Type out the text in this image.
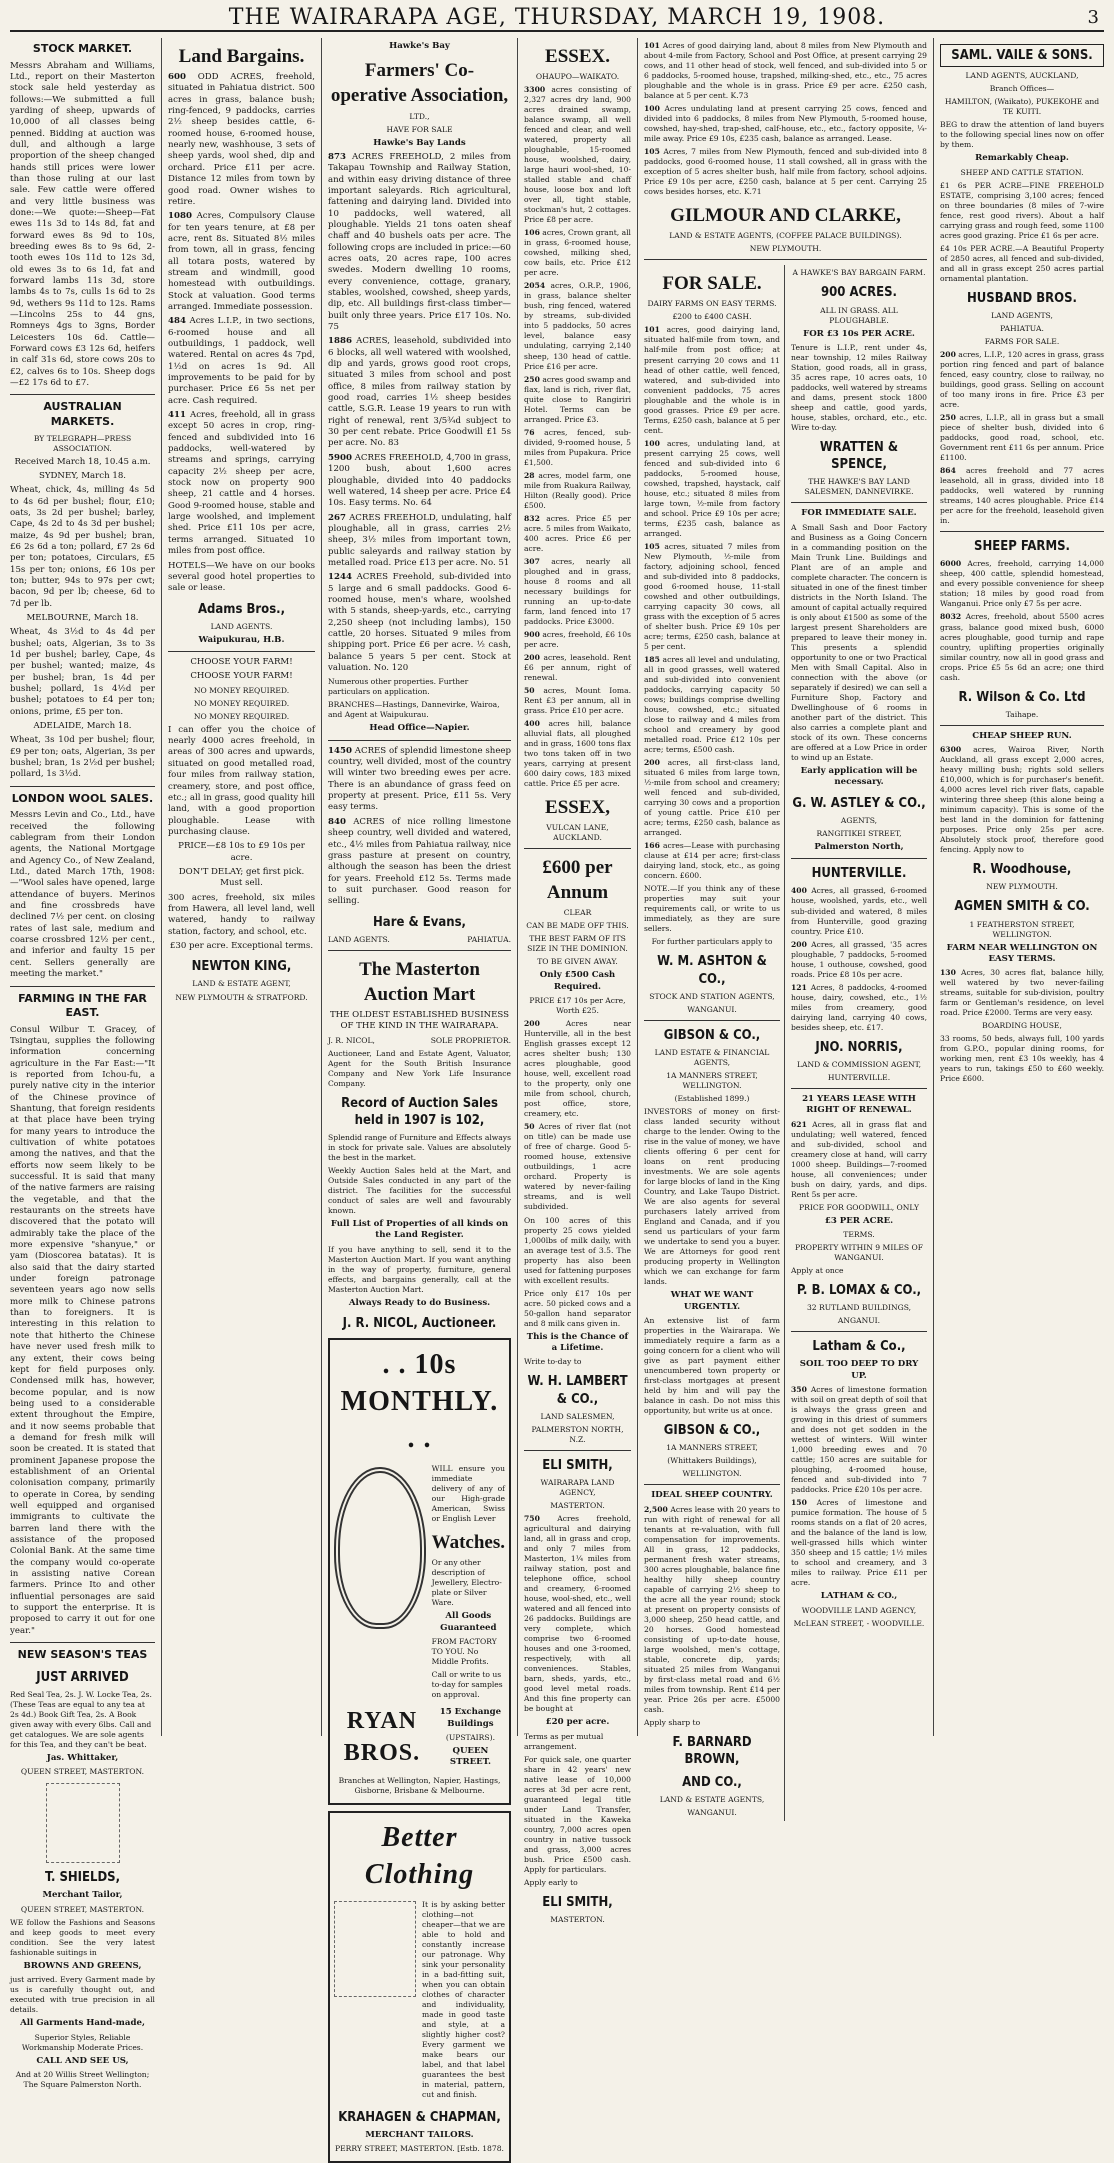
THE WAIRARAPA AGE, THURSDAY, MARCH 19, 1908.	3
STOCK MARKET.

Messrs Abraham and Williams, Ltd., report on their Masterton stock sale held yesterday as follows:—We submitted a full yarding of sheep, upwards of 10,000 of all classes being penned. Bidding at auction was dull, and although a large proportion of the sheep changed hands still prices were lower than those ruling at our last sale. Few cattle were offered and very little business was done:—We quote:—Sheep—Fat ewes 11s 3d to 14s 8d, fat and forward ewes 8s 9d to 10s, breeding ewes 8s to 9s 6d, 2-tooth ewes 10s 11d to 12s 3d, old ewes 3s to 6s 1d, fat and forward lambs 11s 3d, store lambs 4s to 7s, culls 1s 6d to 2s 9d, wethers 9s 11d to 12s. Rams—Lincolns 25s to 44 gns, Romneys 4gs to 3gns, Border Leicesters 10s 6d. Cattle—Forward cows £3 12s 6d, heifers in calf 31s 6d, store cows 20s to £2, calves 6s to 10s. Sheep dogs—£2 17s 6d to £7.

AUSTRALIAN MARKETS.

BY TELEGRAPH—PRESS ASSOCIATION.

Received March 18, 10.45 a.m.

SYDNEY, March 18.

Wheat, chick, 4s, milling 4s 5d to 4s 6d per bushel; flour, £10; oats, 3s 2d per bushel; barley, Cape, 4s 2d to 4s 3d per bushel; maize, 4s 9d per bushel; bran, £6 2s 6d a ton; pollard, £7 2s 6d per ton; potatoes, Circulars, £5 15s per ton; onions, £6 10s per ton; butter, 94s to 97s per cwt; bacon, 9d per lb; cheese, 6d to 7d per lb.

MELBOURNE, March 18.

Wheat, 4s 3½d to 4s 4d per bushel; oats, Algerian, 3s to 3s 1d per bushel; barley, Cape, 4s per bushel; wanted; maize, 4s per bushel; bran, 1s 4d per bushel; pollard, 1s 4½d per bushel; potatoes to £4 per ton; onions, prime, £5 per ton.

ADELAIDE, March 18.

Wheat, 3s 10d per bushel; flour, £9 per ton; oats, Algerian, 3s per bushel; bran, 1s 2½d per bushel; pollard, 1s 3½d.

LONDON WOOL SALES.

Messrs Levin and Co., Ltd., have received the following cablegram from their London agents, the National Mortgage and Agency Co., of New Zealand, Ltd., dated March 17th, 1908:—"Wool sales have opened, large attendance of buyers. Merinos and fine crossbreds have declined 7½ per cent. on closing rates of last sale, medium and coarse crossbred 12½ per cent., and inferior and faulty 15 per cent. Sellers generally are meeting the market."

FARMING IN THE FAR EAST.

Consul Wilbur T. Gracey, of Tsingtau, supplies the following information concerning agriculture in the Far East:—"It is reported from Ichou-fu, a purely native city in the interior of the Chinese province of Shantung, that foreign residents at that place have been trying for many years to introduce the cultivation of white potatoes among the natives, and that the efforts now seem likely to be successful. It is said that many of the native farmers are raising the vegetable, and that the restaurants on the streets have discovered that the potato will admirably take the place of the more expensive "shanyue," or yam (Dioscorea batatas). It is also said that the dairy started under foreign patronage seventeen years ago now sells more milk to Chinese patrons than to foreigners. It is interesting in this relation to note that hitherto the Chinese have never used fresh milk to any extent, their cows being kept for field purposes only. Condensed milk has, however, become popular, and is now being used to a considerable extent throughout the Empire, and it now seems probable that a demand for fresh milk will soon be created. It is stated that prominent Japanese propose the establishment of an Oriental colonisation company, primarily to operate in Corea, by sending well equipped and organised immigrants to cultivate the barren land there with the assistance of the proposed Colonial Bank. At the same time the company would co-operate in assisting native Corean farmers. Prince Ito and other influential personages are said to support the enterprise. It is proposed to carry it out for one year."

NEW SEASON'S TEAS

JUST ARRIVED

Red Seal Tea, 2s. J. W. Locke Tea, 2s. (These Teas are equal to any tea at 2s 4d.) Book Gift Tea, 2s. A Book given away with every 6lbs. Call and get catalogues. We are sole agents for this Tea, and they can't be beat.

Jas. Whittaker,

QUEEN STREET, MASTERTON.

T. SHIELDS,

Merchant Tailor,

QUEEN STREET, MASTERTON.

WE follow the Fashions and Seasons and keep goods to meet every condition. See the very latest fashionable suitings in

BROWNS AND GREENS,

just arrived. Every Garment made by us is carefully thought out, and executed with true precision in all details.

All Garments Hand-made,

Superior Styles, Reliable Workmanship Moderate Prices.

CALL AND SEE US,

And at 20 Willis Street Wellington; The Square Palmerston North.

Land Bargains.

600 ODD ACRES, freehold, situated in Pahiatua district. 500 acres in grass, balance bush; ring-fenced, 9 paddocks, carries 2½ sheep besides cattle, 6-roomed house, 6-roomed house, nearly new, washhouse, 3 sets of sheep yards, wool shed, dip and orchard. Price £11 per acre. Distance 12 miles from town by good road. Owner wishes to retire.

1080 Acres, Compulsory Clause for ten years tenure, at £8 per acre, rent 8s. Situated 8½ miles from town, all in grass, fencing all totara posts, watered by stream and windmill, good homestead with outbuildings. Stock at valuation. Good terms arranged. Immediate possession.

484 Acres L.I.P., in two sections, 6-roomed house and all outbuildings, 1 paddock, well watered. Rental on acres 4s 7pd, 1½d on acres 1s 9d. All improvements to be paid for by purchaser. Price £6 5s net per acre. Cash required.

411 Acres, freehold, all in grass except 50 acres in crop, ring-fenced and subdivided into 16 paddocks, well-watered by streams and springs, carrying capacity 2½ sheep per acre, stock now on property 900 sheep, 21 cattle and 4 horses. Good 9-roomed house, stable and large woolshed, and implement shed. Price £11 10s per acre, terms arranged. Situated 10 miles from post office.

HOTELS—We have on our books several good hotel properties to sale or lease.

Adams Bros.,

LAND AGENTS.

Waipukurau, H.B.

CHOOSE YOUR FARM!

CHOOSE YOUR FARM!

NO MONEY REQUIRED.

NO MONEY REQUIRED.

NO MONEY REQUIRED.

I can offer you the choice of nearly 4000 acres freehold, in areas of 300 acres and upwards, situated on good metalled road, four miles from railway station, creamery, store, and post office, etc.; all in grass, good quality hill land, with a good proportion ploughable. Lease with purchasing clause.

PRICE—£8 10s to £9 10s per acre.

DON'T DELAY; get first pick. Must sell.

300 acres, freehold, six miles from Hawera, all level land, well watered, handy to railway station, factory, and school, etc.

£30 per acre. Exceptional terms.

NEWTON KING,

LAND & ESTATE AGENT,

NEW PLYMOUTH & STRATFORD.

Hawke's Bay

Farmers' Co-operative Association,

LTD.,

HAVE FOR SALE

Hawke's Bay Lands

873 ACRES FREEHOLD, 2 miles from Takapau Township and Railway Station, and within easy driving distance of three important saleyards. Rich agricultural, fattening and dairying land. Divided into 10 paddocks, well watered, all ploughable. Yields 21 tons oaten sheaf chaff and 40 bushels oats per acre. The following crops are included in price:—60 acres oats, 20 acres rape, 100 acres swedes. Modern dwelling 10 rooms, every convenience, cottage, granary, stables, woolshed, cowshed, sheep yards, dip, etc. All buildings first-class timber—built only three years. Price £17 10s. No. 75

1886 ACRES, leasehold, subdivided into 6 blocks, all well watered with woolshed, dip and yards, grows good root crops, situated 3 miles from school and post office, 8 miles from railway station by good road, carries 1½ sheep besides cattle, S.G.R. Lease 19 years to run with right of renewal, rent 3/5¾d subject to 30 per cent rebate. Price Goodwill £1 5s per acre. No. 83

5900 ACRES FREEHOLD, 4,700 in grass, 1200 bush, about 1,600 acres ploughable, divided into 40 paddocks well watered, 14 sheep per acre. Price £4 10s. Easy terms. No. 64

267 ACRES FREEHOLD, undulating, half ploughable, all in grass, carries 2½ sheep, 3½ miles from important town, public saleyards and railway station by metalled road. Price £13 per acre. No. 51

1244 ACRES Freehold, sub-divided into 5 large and 6 small paddocks. Good 6-roomed house, men's whare, woolshed with 5 stands, sheep-yards, etc., carrying 2,250 sheep (not including lambs), 150 cattle, 20 horses. Situated 9 miles from shipping port. Price £6 per acre. ½ cash, balance 5 years 5 per cent. Stock at valuation. No. 120

Numerous other properties. Further particulars on application.

BRANCHES—Hastings, Dannevirke, Wairoa, and Agent at Waipukurau.

Head Office—Napier.

1450 ACRES of splendid limestone sheep country, well divided, most of the country will winter two breeding ewes per acre. There is an abundance of grass feed on property at present. Price, £11 5s. Very easy terms.

840 ACRES of nice rolling limestone sheep country, well divided and watered, etc., 4½ miles from Pahiatua railway, nice grass pasture at present on country, although the season has been the driest for years. Freehold £12 5s. Terms made to suit purchaser. Good reason for selling.

Hare & Evans,

LAND AGENTS.	PAHIATUA.

The Masterton Auction Mart

THE OLDEST ESTABLISHED BUSINESS OF THE KIND IN THE WAIRARAPA.

J. R. NICOL,	SOLE PROPRIETOR.

Auctioneer, Land and Estate Agent, Valuator, Agent for the South British Insurance Company and New York Life Insurance Company.

Record of Auction Sales held in 1907 is 102,

Splendid range of Furniture and Effects always in stock for private sale. Values are absolutely the best in the market.

Weekly Auction Sales held at the Mart, and Outside Sales conducted in any part of the district. The facilities for the successful conduct of sales are well and favourably known.

Full List of Properties of all kinds on the Land Register.

If you have anything to sell, send it to the Masterton Auction Mart. If you want anything in the way of property, furniture, general effects, and bargains generally, call at the Masterton Auction Mart.

Always Ready to do Business.

J. R. NICOL, Auctioneer.

. . 10s MONTHLY. . .

WILL ensure you immediate delivery of any of our High-grade American, Swiss or English Lever

Watches.

Or any other description of Jewellery, Electro-plate or Silver Ware.

All Goods Guaranteed

FROM FACTORY TO YOU. No Middle Profits.

Call or write to us to-day for samples on approval.

RYAN BROS.

15 Exchange Buildings

(UPSTAIRS).

QUEEN STREET.

Branches at Wellington, Napier, Hastings, Gisborne, Brisbane & Melbourne.

Better Clothing

It is by asking better clothing—not cheaper—that we are able to hold and constantly increase our patronage. Why sink your personality in a bad-fitting suit, when you can obtain clothes of character and individuality, made in good taste and style, at a slightly higher cost? Every garment we make bears our label, and that label guarantees the best in material, pattern, cut and finish.

KRAHAGEN & CHAPMAN,

MERCHANT TAILORS.

PERRY STREET, MASTERTON. [Estb. 1878.

ESSEX.

OHAUPO—WAIKATO.

3300 acres consisting of 2,327 acres dry land, 900 acres drained swamp, balance swamp, all well fenced and clear, and well watered, property all ploughable, 15-roomed house, woolshed, dairy, large hauri wool-shed, 10-stalled stable and chaff house, loose box and loft over all, tight stable, stockman's hut, 2 cottages. Price £8 per acre.

106 acres, Crown grant, all in grass, 6-roomed house, cowshed, milking shed, cow bails, etc. Price £12 per acre.

2054 acres, O.R.P., 1906, in grass, balance shelter bush, ring fenced, watered by streams, sub-divided into 5 paddocks, 50 acres level, balance easy undulating, carrying 2,140 sheep, 130 head of cattle. Price £16 per acre.

250 acres good swamp and flax, land is rich, river flat, quite close to Rangiriri Hotel. Terms can be arranged. Price £3.

76 acres, fenced, sub-divided, 9-roomed house, 5 miles from Pupakura. Price £1,500.

28 acres, model farm, one mile from Ruakura Railway, Hilton (Really good). Price £500.

832 acres. Price £5 per acre. 5 miles from Waikato, 400 acres. Price £6 per acre.

307 acres, nearly all ploughed and in grass, house 8 rooms and all necessary buildings for running an up-to-date farm, land fenced into 17 paddocks. Price £3000.

900 acres, freehold, £6 10s per acre.

200 acres, leasehold. Rent £6 per annum, right of renewal.

50 acres, Mount Ioma. Rent £3 per annum, all in grass. Price £10 per acre.

400 acres hill, balance alluvial flats, all ploughed and in grass, 1600 tons flax two tons taken off in two years, carrying at present 600 dairy cows, 183 mixed cattle. Price £5 per acre.

ESSEX,

VULCAN LANE, AUCKLAND.

£600 per Annum

CLEAR

CAN BE MADE OFF THIS.

THE BEST FARM OF ITS SIZE IN THE DOMINION.

TO BE GIVEN AWAY.

Only £500 Cash Required.

PRICE £17 10s per Acre, Worth £25.

200	Acres near Hunterville, all in the best English grasses except 12 acres shelter bush; 130 acres ploughable, good house, well, excellent road to the property, only one mile from school, church, post office, store, creamery, etc.

50 Acres of river flat (not on title) can be made use of free of charge. Good 5-roomed house, extensive outbuildings, 1 acre orchard. Property is watered by never-failing streams, and is well subdivided.

On 100 acres of this property 25 cows yielded 1,000lbs of milk daily, with an average test of 3.5. The property has also been used for fattening purposes with excellent results.

Price only £17 10s per acre. 50 picked cows and a 50-gallon hand separator and 8 milk cans given in.

This is the Chance of a Lifetime.

Write to-day to

W. H. LAMBERT & CO.,

LAND SALESMEN,

PALMERSTON NORTH, N.Z.

ELI SMITH,

WAIRARAPA LAND AGENCY,

MASTERTON.

750 Acres freehold, agricultural and dairying land, all in grass and crop, and only 7 miles from Masterton, 1¼ miles from railway station, post and telephone office, school and creamery, 6-roomed house, wool-shed, etc., well watered and all fenced into 26 paddocks. Buildings are very complete, which comprise two 6-roomed houses and one 3-roomed, respectively, with all conveniences. Stables, barn, sheds, yards, etc., good level metal roads. And this fine property can be bought at

£20 per acre.

Terms as per mutual arrangement.

For quick sale, one quarter share in 42 years' new native lease of 10,000 acres at 3d per acre rent, guaranteed legal title under Land Transfer, situated in the Kaweka country, 7,000 acres open country in native tussock and grass, 3,000 acres bush. Price £500 cash. Apply for particulars.

Apply early to

ELI SMITH,

MASTERTON.

101 Acres of good dairying land, about 8 miles from New Plymouth and about 4-mile from Factory, School and Post Office, at present carrying 29 cows, and 11 other head of stock, well fenced, and sub-divided into 5 or 6 paddocks, 5-roomed house, trapshed, milking-shed, etc., etc., 75 acres ploughable and the whole is in grass. Price £9 per acre. £250 cash, balance at 5 per cent. K.73

100 Acres undulating land at present carrying 25 cows, fenced and divided into 6 paddocks, 8 miles from New Plymouth, 5-roomed house, cowshed, hay-shed, trap-shed, calf-house, etc., etc., factory opposite, ¼-mile away. Price £9 10s, £235 cash, balance as arranged. Lease.

105 Acres, 7 miles from New Plymouth, fenced and sub-divided into 8 paddocks, good 6-roomed house, 11 stall cowshed, all in grass with the exception of 5 acres shelter bush, half mile from factory, school adjoins. Price £9 10s per acre, £250 cash, balance at 5 per cent. Carrying 25 cows besides horses, etc. K.71

GILMOUR AND CLARKE,

LAND & ESTATE AGENTS, (COFFEE PALACE BUILDINGS).

NEW PLYMOUTH.

FOR SALE.

DAIRY FARMS ON EASY TERMS.

£200 to £400 CASH.

101 acres, good dairying land, situated half-mile from town, and half-mile from post office; at present carrying 20 cows and 11 head of other cattle, well fenced, watered, and sub-divided into convenient paddocks, 75 acres ploughable and the whole is in good grasses. Price £9 per acre. Terms, £250 cash, balance at 5 per cent.

100 acres, undulating land, at present carrying 25 cows, well fenced and sub-divided into 6 paddocks, 5-roomed house, cowshed, trapshed, haystack, calf house, etc.; situated 8 miles from large town, ½-mile from factory and school. Price £9 10s per acre; terms, £235 cash, balance as arranged.

105 acres, situated 7 miles from New Plymouth, ½-mile from factory, adjoining school, fenced and sub-divided into 8 paddocks, good 6-roomed house, 11-stall cowshed and other outbuildings, carrying capacity 30 cows, all grass with the exception of 5 acres of shelter bush. Price £9 10s per acre; terms, £250 cash, balance at 5 per cent.

185 acres all level and undulating, all in good grasses, well watered and sub-divided into convenient paddocks, carrying capacity 50 cows; buildings comprise dwelling house, cowshed, etc.; situated close to railway and 4 miles from school and creamery by good metalled road. Price £12 10s per acre; terms, £500 cash.

200 acres, all first-class land, situated 6 miles from large town, ½-mile from school and creamery; well fenced and sub-divided, carrying 30 cows and a proportion of young cattle. Price £10 per acre; terms, £250 cash, balance as arranged.

166 acres—Lease with purchasing clause at £14 per acre; first-class dairying land, stock, etc., as going concern. £600.

NOTE.—If you think any of these properties may suit your requirements call, or write to us immediately, as they are sure sellers.

For further particulars apply to

W. M. ASHTON & CO.,

STOCK AND STATION AGENTS,

WANGANUI.

GIBSON & CO.,

LAND ESTATE & FINANCIAL AGENTS,

1A MANNERS STREET, WELLINGTON.

(Established 1899.)

INVESTORS of money on first-class landed security without charge to the lender. Owing to the rise in the value of money, we have clients offering 6 per cent for loans on rent producing investments. We are sole agents for large blocks of land in the King Country, and Lake Taupo District. We are also agents for several purchasers lately arrived from England and Canada, and if you send us particulars of your farm we undertake to send you a buyer. We are Attorneys for good rent producing property in Wellington which we can exchange for farm lands.

WHAT WE WANT URGENTLY.

An extensive list of farm properties in the Wairarapa. We immediately require a farm as a going concern for a client who will give as part payment either unencumbered town property or first-class mortgages at present held by him and will pay the balance in cash. Do not miss this opportunity, but write us at once.

GIBSON & CO.,

1A MANNERS STREET,

(Whittakers Buildings),

WELLINGTON.

IDEAL SHEEP COUNTRY.

2,500 Acres lease with 20 years to run with right of renewal for all tenants at re-valuation, with full compensation for improvements. All in grass, 12 paddocks, permanent fresh water streams, 300 acres ploughable, balance fine healthy hilly sheep country capable of carrying 2½ sheep to the acre all the year round; stock at present on property consists of 3,000 sheep, 250 head cattle, and 20 horses. Good homestead consisting of up-to-date house, large woolshed, men's cottage, stable, concrete dip, yards; situated 25 miles from Wanganui by first-class metal road and 6½ miles from township. Rent £14 per year. Price 26s per acre. £5000 cash.

Apply sharp to

F. BARNARD BROWN,

AND CO.,

LAND & ESTATE AGENTS,

WANGANUI.

A HAWKE'S BAY BARGAIN FARM.

900 ACRES.

ALL IN GRASS. ALL PLOUGHABLE.

FOR £3 10s PER ACRE.

Tenure is L.I.P., rent under 4s, near township, 12 miles Railway Station, good roads, all in grass, 35 acres rape, 10 acres oats, 10 paddocks, well watered by streams and dams, present stock 1800 sheep and cattle, good yards, house, stables, orchard, etc., etc. Wire to-day.

WRATTEN & SPENCE,

THE HAWKE'S BAY LAND SALESMEN, DANNEVIRKE.

FOR IMMEDIATE SALE.

A Small Sash and Door Factory and Business as a Going Concern in a commanding position on the Main Trunk Line. Buildings and Plant are of an ample and complete character. The concern is situated in one of the finest timber districts in the North Island. The amount of capital actually required is only about £1500 as some of the largest present Shareholders are prepared to leave their money in. This presents a splendid opportunity to one or two Practical Men with Small Capital. Also in connection with the above (or separately if desired) we can sell a Furniture Shop, Factory and Dwellinghouse of 6 rooms in another part of the district. This also carries a complete plant and stock of its own. These concerns are offered at a Low Price in order to wind up an Estate.

Early application will be necessary.

G. W. ASTLEY & CO.,

AGENTS,

RANGITIKEI STREET,

Palmerston North,

HUNTERVILLE.

400 Acres, all grassed, 6-roomed house, woolshed, yards, etc., well sub-divided and watered, 8 miles from Hunterville, good grazing country. Price £10.

200 Acres, all grassed, '35 acres ploughable, 7 paddocks, 5-roomed house, 1 outhouse, cowshed, good roads. Price £8 10s per acre.

121 Acres, 8 paddocks, 4-roomed house, dairy, cowshed, etc., 1½ miles from creamery, good dairying land, carrying 40 cows, besides sheep, etc. £17.

JNO. NORRIS,

LAND & COMMISSION AGENT,

HUNTERVILLE.

21 YEARS LEASE WITH RIGHT OF RENEWAL.

621 Acres, all in grass flat and undulating; well watered, fenced and sub-divided, school and creamery close at hand, will carry 1000 sheep. Buildings—7-roomed house, all conveniences; under bush on dairy, yards, and dips. Rent 5s per acre.

PRICE FOR GOODWILL, ONLY

£3 PER ACRE.

TERMS.

PROPERTY WITHIN 9 MILES OF WANGANUI.

Apply at once

P. B. LOMAX & CO.,

32 RUTLAND BUILDINGS,

ANGANUI.

Latham & Co.,

SOIL TOO DEEP TO DRY UP.

350 Acres of limestone formation with soil on great depth of soil that is always the grass green and growing in this driest of summers and does not get sodden in the wettest of winters. Will winter 1,000 breeding ewes and 70 cattle; 150 acres are suitable for ploughing, 4-roomed house, fenced and sub-divided into 7 paddocks. Price £20 10s per acre.

150 Acres of limestone and pumice formation. The house of 5 rooms stands on a flat of 20 acres, and the balance of the land is low, well-grassed hills which winter 350 sheep and 15 cattle; 1½ miles to school and creamery, and 3 miles to railway. Price £11 per acre.

LATHAM & CO.,

WOODVILLE LAND AGENCY,

McLEAN STREET, - WOODVILLE.

SAML. VAILE & SONS.

LAND AGENTS, AUCKLAND,

Branch Offices—

HAMILTON, (Waikato), PUKEKOHE and TE KUITI.

BEG to draw the attention of land buyers to the following special lines now on offer by them.

Remarkably Cheap.

SHEEP AND CATTLE STATION.

£1 6s PER ACRE—FINE FREEHOLD ESTATE, comprising 3,100 acres; fenced on three boundaries (8 miles of 7-wire fence, rest good rivers). About a half carrying grass and rough feed, some 1100 acres good grazing. Price £1 6s per acre.

£4 10s PER ACRE.—A Beautiful Property of 2850 acres, all fenced and sub-divided, and all in grass except 250 acres partial ornamental plantation.

HUSBAND BROS.

LAND AGENTS,

PAHIATUA.

FARMS FOR SALE.

200 acres, L.I.P., 120 acres in grass, grass portion ring fenced and part of balance fenced, easy country, close to railway, no buildings, good grass. Selling on account of too many irons in fire. Price £3 per acre.

250 acres, L.I.P., all in grass but a small piece of shelter bush, divided into 6 paddocks, good road, school, etc. Government rent £11 6s per annum. Price £1100.

864 acres freehold and 77 acres leasehold, all in grass, divided into 18 paddocks, well watered by running streams, 140 acres ploughable. Price £14 per acre for the freehold, leasehold given in.

SHEEP FARMS.

6000 Acres, freehold, carrying 14,000 sheep, 400 cattle, splendid homestead, and every possible convenience for sheep station; 18 miles by good road from Wanganui. Price only £7 5s per acre.

8032 Acres, freehold, about 5500 acres grass, balance good mixed bush, 6000 acres ploughable, good turnip and rape country, uplifting properties originally similar country, now all in good grass and crops. Price £5 5s 6d an acre; one third cash.

R. Wilson & Co. Ltd

Taihape.

CHEAP SHEEP RUN.

6300 acres, Wairoa River, North Auckland, all grass except 2,000 acres, heavy milling bush; rights sold sellers £10,000, which is for purchaser's benefit. 4,000 acres level rich river flats, capable wintering three sheep (this alone being a minimum capacity). This is some of the best land in the dominion for fattening purposes. Price only 25s per acre. Absolutely stock proof, therefore good fencing. Apply now to

R. Woodhouse,

NEW PLYMOUTH.

AGMEN SMITH & CO.

1 FEATHERSTON STREET, WELLINGTON.

FARM NEAR WELLINGTON ON EASY TERMS.

130 Acres, 30 acres flat, balance hilly, well watered by two never-failing streams, suitable for sub-division, poultry farm or Gentleman's residence, on level road. Price £2000. Terms are very easy.

BOARDING HOUSE,

33 rooms, 50 beds, always full, 100 yards from G.P.O., popular dining rooms, for working men, rent £3 10s weekly, has 4 years to run, takings £50 to £60 weekly. Price £600.
